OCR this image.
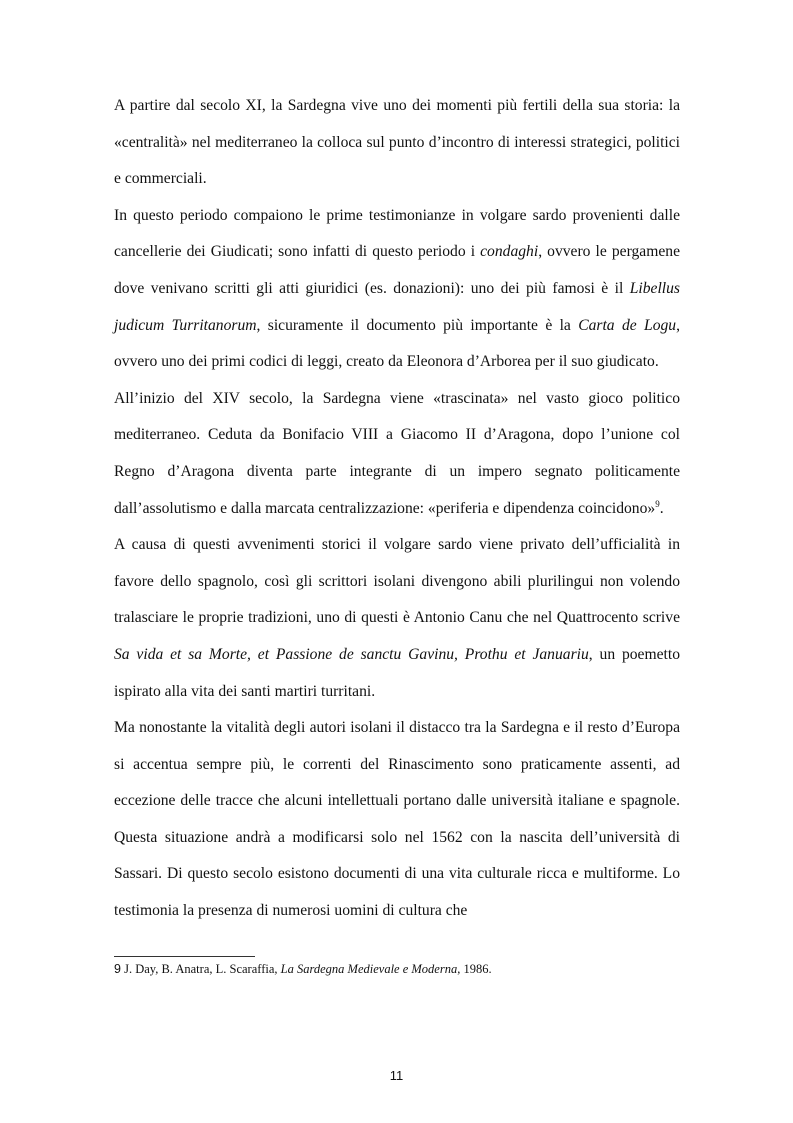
A partire dal secolo XI, la Sardegna vive uno dei momenti più fertili della sua storia: la «centralità» nel mediterraneo la colloca sul punto d’incontro di interessi strategici, politici e commerciali.

In questo periodo compaiono le prime testimonianze in volgare sardo provenienti dalle cancellerie dei Giudicati; sono infatti di questo periodo i condaghi, ovvero le pergamene dove venivano scritti gli atti giuridici (es. donazioni): uno dei più famosi è il Libellus judicum Turritanorum, sicuramente il documento più importante è la Carta de Logu, ovvero uno dei primi codici di leggi, creato da Eleonora d’Arborea per il suo giudicato.

All’inizio del XIV secolo, la Sardegna viene «trascinata» nel vasto gioco politico mediterraneo. Ceduta da Bonifacio VIII a Giacomo II d’Aragona, dopo l’unione col Regno d’Aragona diventa parte integrante di un impero segnato politicamente dall’assolutismo e dalla marcata centralizzazione: «periferia e dipendenza coincidono»$^9$.

A causa di questi avvenimenti storici il volgare sardo viene privato dell’ufficialità in favore dello spagnolo, così gli scrittori isolani divengono abili plurilingui non volendo tralasciare le proprie tradizioni, uno di questi è Antonio Canu che nel Quattrocento scrive Sa vida et sa Morte, et Passione de sanctu Gavinu, Prothu et Januariu, un poemetto ispirato alla vita dei santi martiri turritani.

Ma nonostante la vitalità degli autori isolani il distacco tra la Sardegna e il resto d’Europa si accentua sempre più, le correnti del Rinascimento sono praticamente assenti, ad eccezione delle tracce che alcuni intellettuali portano dalle università italiane e spagnole. Questa situazione andrà a modificarsi solo nel 1562 con la nascita dell’università di Sassari. Di questo secolo esistono documenti di una vita culturale ricca e multiforme. Lo testimonia la presenza di numerosi uomini di cultura che

9 J. Day, B. Anatra, L. Scaraffia, La Sardegna Medievale e Moderna, 1986.
11
